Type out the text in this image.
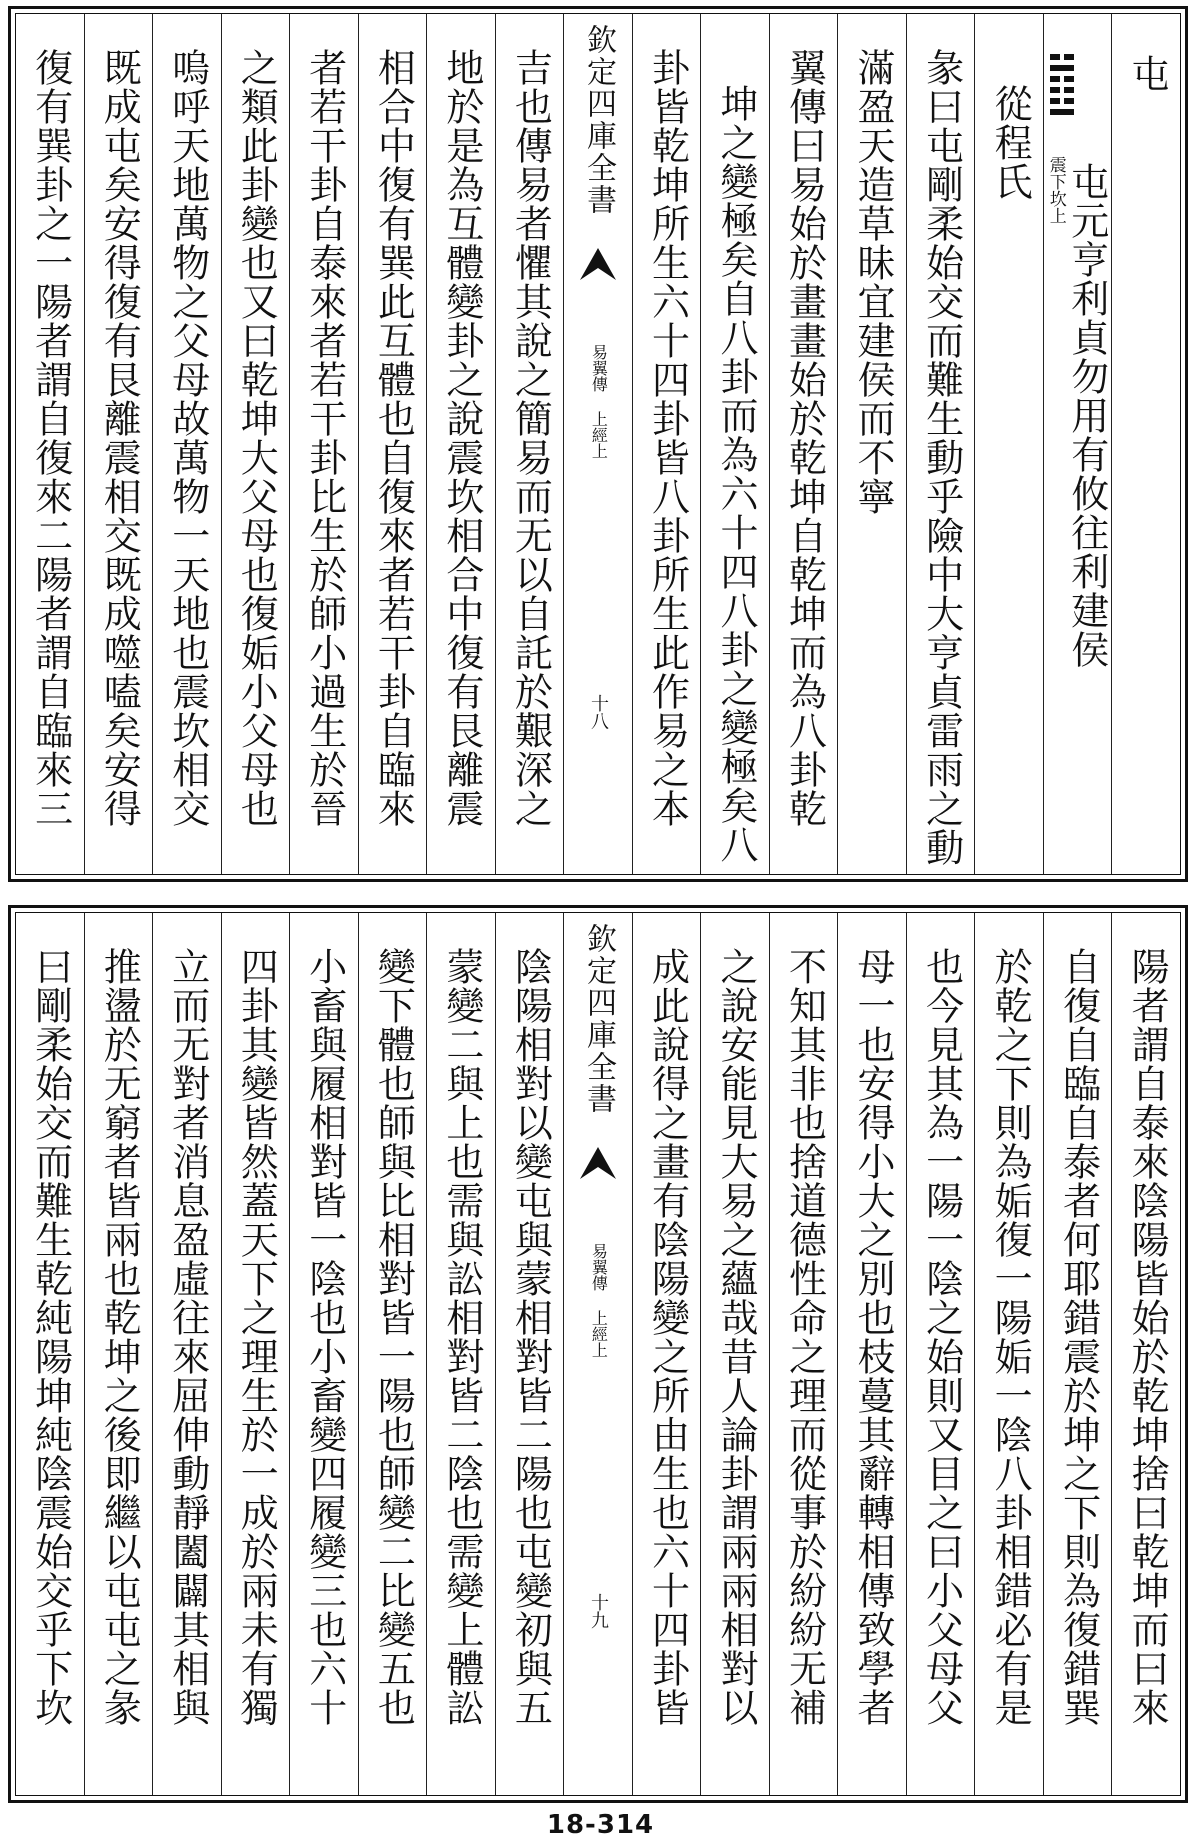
屯
震下坎上
屯元亨利貞勿用有攸往利建侯
從程氏
彖曰屯剛柔始交而難生動乎險中大亨貞雷雨之動
滿盈天造草昧宜建侯而不寧
翼傳曰易始於畫畫始於乾坤自乾坤而為八卦乾
坤之變極矣自八卦而為六十四八卦之變極矣八
卦皆乾坤所生六十四卦皆八卦所生此作易之本
欽定四庫全書
易翼傳 上經上
十八
吉也傳易者懼其說之簡易而无以自託於艱深之
地於是為互體變卦之說震坎相合中復有艮離震
相合中復有巽此互體也自復來者若干卦自臨來
者若干卦自泰來者若干卦比生於師小過生於晉
之類此卦變也又曰乾坤大父母也復姤小父母也
嗚呼天地萬物之父母故萬物一天地也震坎相交
既成屯矣安得復有艮離震相交既成噬嗑矣安得
復有巽卦之一陽者謂自復來二陽者謂自臨來三
陽者謂自泰來陰陽皆始於乾坤捨曰乾坤而曰來
自復自臨自泰者何耶錯震於坤之下則為復錯巽
於乾之下則為姤復一陽姤一陰八卦相錯必有是
也今見其為一陽一陰之始則又目之曰小父母父
母一也安得小大之別也枝蔓其辭轉相傳致學者
不知其非也捨道德性命之理而從事於紛紛无補
之說安能見大易之蘊哉昔人論卦謂兩兩相對以
成此說得之畫有陰陽變之所由生也六十四卦皆
欽定四庫全書
易翼傳 上經上
十九
陰陽相對以變屯與蒙相對皆二陽也屯變初與五
蒙變二與上也需與訟相對皆二陰也需變上體訟
變下體也師與比相對皆一陽也師變二比變五也
小畜與履相對皆一陰也小畜變四履變三也六十
四卦其變皆然蓋天下之理生於一成於兩未有獨
立而无對者消息盈虛往來屈伸動靜闔闢其相與
推盪於无窮者皆兩也乾坤之後即繼以屯屯之彖
曰剛柔始交而難生乾純陽坤純陰震始交乎下坎
18-314
